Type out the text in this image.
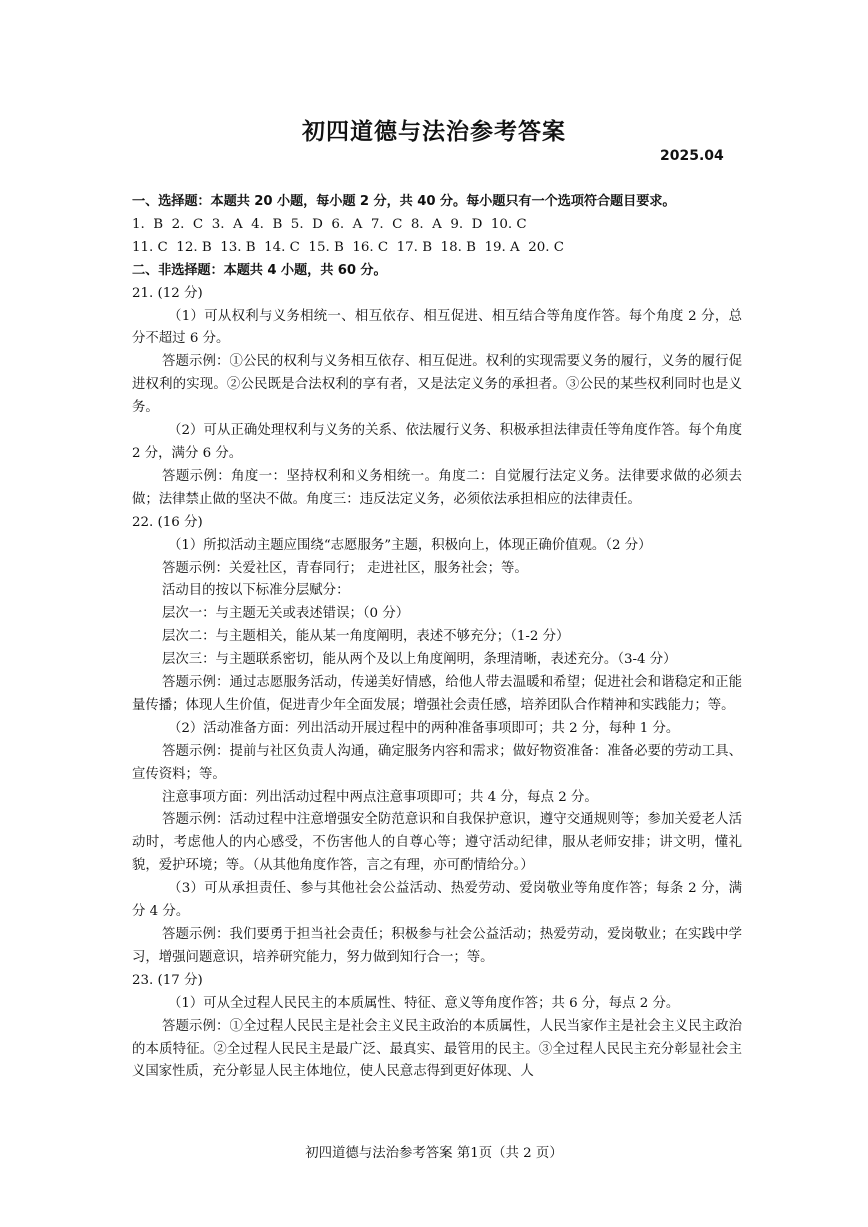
初四道德与法治参考答案
2025.04

一、选择题：本题共 20 小题，每小题 2 分，共 40 分。每小题只有一个选项符合题目要求。

1.  B  2.  C  3.  A  4.  B  5.  D  6.  A  7.  C  8.  A  9.  D  10. C

11. C  12. B  13. B  14. C  15. B  16. C  17. B  18. B  19. A  20. C

二、非选择题：本题共 4 小题，共 60 分。

21. (12 分)

（1）可从权利与义务相统一、相互依存、相互促进、相互结合等角度作答。每个角度 2 分，总分不超过 6 分。

答题示例：①公民的权利与义务相互依存、相互促进。权利的实现需要义务的履行，义务的履行促进权利的实现。②公民既是合法权利的享有者，又是法定义务的承担者。③公民的某些权利同时也是义务。

（2）可从正确处理权利与义务的关系、依法履行义务、积极承担法律责任等角度作答。每个角度 2 分，满分 6 分。

答题示例：角度一：坚持权利和义务相统一。角度二：自觉履行法定义务。法律要求做的必须去做；法律禁止做的坚决不做。角度三：违反法定义务，必须依法承担相应的法律责任。

22. (16 分)

（1）所拟活动主题应围绕“志愿服务”主题，积极向上，体现正确价值观。（2 分）

答题示例：关爱社区，青春同行； 走进社区，服务社会；等。

活动目的按以下标准分层赋分：

层次一：与主题无关或表述错误；（0 分）

层次二：与主题相关，能从某一角度阐明，表述不够充分；（1-2 分）

层次三：与主题联系密切，能从两个及以上角度阐明，条理清晰，表述充分。（3-4 分）

答题示例：通过志愿服务活动，传递美好情感，给他人带去温暖和希望；促进社会和谐稳定和正能量传播；体现人生价值，促进青少年全面发展；增强社会责任感，培养团队合作精神和实践能力；等。

（2）活动准备方面：列出活动开展过程中的两种准备事项即可；共 2 分，每种 1 分。

答题示例：提前与社区负责人沟通，确定服务内容和需求；做好物资准备：准备必要的劳动工具、宣传资料；等。

注意事项方面：列出活动过程中两点注意事项即可；共 4 分，每点 2 分。

答题示例：活动过程中注意增强安全防范意识和自我保护意识，遵守交通规则等；参加关爱老人活动时，考虑他人的内心感受，不伤害他人的自尊心等；遵守活动纪律，服从老师安排；讲文明，懂礼貌，爱护环境；等。（从其他角度作答，言之有理，亦可酌情给分。）

（3）可从承担责任、参与其他社会公益活动、热爱劳动、爱岗敬业等角度作答；每条 2 分，满分 4 分。

答题示例：我们要勇于担当社会责任；积极参与社会公益活动；热爱劳动，爱岗敬业；在实践中学习，增强问题意识，培养研究能力，努力做到知行合一；等。

23. (17 分)

（1）可从全过程人民民主的本质属性、特征、意义等角度作答；共 6 分，每点 2 分。

答题示例：①全过程人民民主是社会主义民主政治的本质属性，人民当家作主是社会主义民主政治的本质特征。②全过程人民民主是最广泛、最真实、最管用的民主。③全过程人民民主充分彰显社会主义国家性质，充分彰显人民主体地位，使人民意志得到更好体现、人

初四道德与法治参考答案 第1页（共 2 页）
